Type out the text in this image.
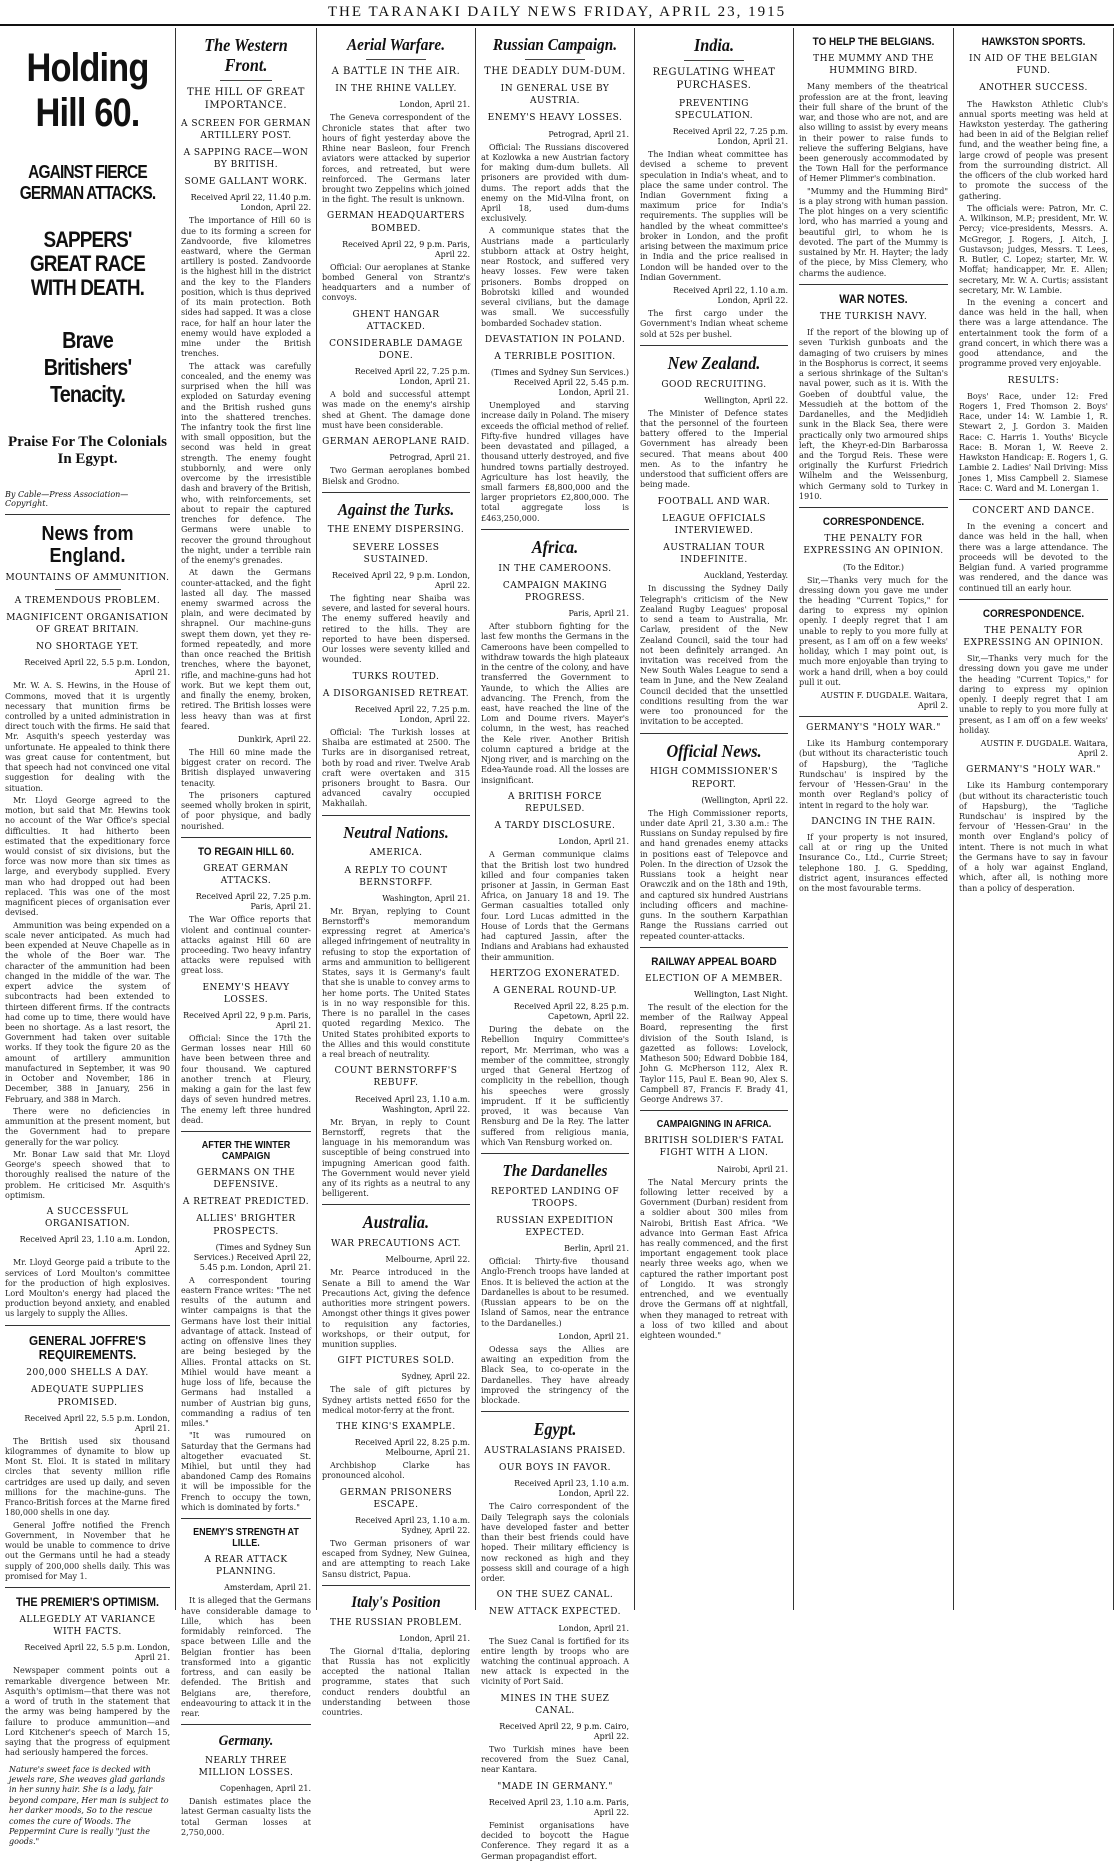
THE TARANAKI DAILY NEWS FRIDAY, APRIL 23, 1915
Holding Hill 60.
AGAINST FIERCE GERMAN ATTACKS.
SAPPERS' GREAT RACE WITH DEATH.
Brave Britishers' Tenacity.
Praise For The Colonials In Egypt.
By Cable—Press Association—Copyright.
News from England.
MOUNTAINS OF AMMUNITION.
A TREMENDOUS PROBLEM.
MAGNIFICENT ORGANISATION OF GREAT BRITAIN.
NO SHORTAGE YET.
Received April 22, 5.5 p.m. London, April 21.

Mr. W. A. S. Hewins, in the House of Commons, moved that it is urgently necessary that munition firms be controlled by a united administration in direct touch with the firms. He said that Mr. Asquith's speech yesterday was unfortunate. He appealed to think there was great cause for contentment, but that speech had not convinced one vital suggestion for dealing with the situation.

Mr. Lloyd George agreed to the motion, but said that Mr. Hewins took no account of the War Office's special difficulties. It had hitherto been estimated that the expeditionary force would consist of six divisions, but the force was now more than six times as large, and everybody supplied. Every man who had dropped out had been replaced. This was one of the most magnificent pieces of organisation ever devised.

Ammunition was being expended on a scale never anticipated. As much had been expended at Neuve Chapelle as in the whole of the Boer war. The character of the ammunition had been changed in the middle of the war. The expert advice the system of subcontracts had been extended to thirteen different firms. If the contracts had come up to time, there would have been no shortage. As a last resort, the Government had taken over suitable works. If they took the figure 20 as the amount of artillery ammunition manufactured in September, it was 90 in October and November, 186 in December, 388 in January, 256 in February, and 388 in March.

There were no deficiencies in ammunition at the present moment, but the Government had to prepare generally for the war policy.

Mr. Bonar Law said that Mr. Lloyd George's speech showed that to thoroughly realised the nature of the problem. He criticised Mr. Asquith's optimism.

A SUCCESSFUL ORGANISATION.
Received April 23, 1.10 a.m. London, April 22.

Mr. Lloyd George paid a tribute to the services of Lord Moulton's committee for the production of high explosives. Lord Moulton's energy had placed the production beyond anxiety, and enabled us largely to supply the Allies.

GENERAL JOFFRE'S REQUIREMENTS.
200,000 SHELLS A DAY.
ADEQUATE SUPPLIES PROMISED.
Received April 22, 5.5 p.m. London, April 21.

The British used six thousand kilogrammes of dynamite to blow up Mont St. Eloi. It is stated in military circles that seventy million rifle cartridges are used up daily, and seven millions for the machine-guns. The Franco-British forces at the Marne fired 180,000 shells in one day.

General Joffre notified the French Government, in November that he would be unable to commence to drive out the Germans until he had a steady supply of 200,000 shells daily. This was promised for May 1.

THE PREMIER'S OPTIMISM.
ALLEGEDLY AT VARIANCE WITH FACTS.
Received April 22, 5.5 p.m. London, April 21.

Newspaper comment points out a remarkable divergence between Mr. Asquith's optimism—that there was not a word of truth in the statement that the army was being hampered by the failure to produce ammunition—and Lord Kitchener's speech of March 15, saying that the progress of equipment had seriously hampered the forces.

Nature's sweet face is decked with jewels rare, She weaves glad garlands in her sunny hair. She is a lady, fair beyond compare, Her man is subject to her darker moods, So to the rescue comes the cure of Woods. The Peppermint Cure is really "just the goods."
The Western Front.
THE HILL OF GREAT IMPORTANCE.
A SCREEN FOR GERMAN ARTILLERY POST.
A SAPPING RACE—WON BY BRITISH.
SOME GALLANT WORK.
Received April 22, 11.40 p.m. London, April 22.

The importance of Hill 60 is due to its forming a screen for Zandvoorde, five kilometres eastward, where the German artillery is posted. Zandvoorde is the highest hill in the district and the key to the Flanders position, which is thus deprived of its main protection. Both sides had sapped. It was a close race, for half an hour later the enemy would have exploded a mine under the British trenches.

The attack was carefully concealed, and the enemy was surprised when the hill was exploded on Saturday evening and the British rushed guns into the shattered trenches. The infantry took the first line with small opposition, but the second was held in great strength. The enemy fought stubbornly, and were only overcome by the irresistible dash and bravery of the British, who, with reinforcements, set about to repair the captured trenches for defence. The Germans were unable to recover the ground throughout the night, under a terrible rain of the enemy's grenades.

At dawn the Germans counter-attacked, and the fight lasted all day. The massed enemy swarmed across the plain, and were decimated by shrapnel. Our machine-guns swept them down, yet they re-formed repeatedly, and more than once reached the British trenches, where the bayonet, rifle, and machine-guns had hot work. But we kept them out, and finally the enemy, broken, retired. The British losses were less heavy than was at first feared.

Dunkirk, April 22.

The Hill 60 mine made the biggest crater on record. The British displayed unwavering tenacity.

The prisoners captured seemed wholly broken in spirit, of poor physique, and badly nourished.

TO REGAIN HILL 60.
GREAT GERMAN ATTACKS.
Received April 22, 7.25 p.m. Paris, April 21.

The War Office reports that violent and continual counter-attacks against Hill 60 are proceeding. Two heavy infantry attacks were repulsed with great loss.

ENEMY'S HEAVY LOSSES.
Received April 22, 9 p.m. Paris, April 21.

Official: Since the 17th the German losses near Hill 60 have been between three and four thousand. We captured another trench at Fleury, making a gain for the last few days of seven hundred metres. The enemy left three hundred dead.

AFTER THE WINTER CAMPAIGN
GERMANS ON THE DEFENSIVE.
A RETREAT PREDICTED.
ALLIES' BRIGHTER PROSPECTS.
(Times and Sydney Sun Services.) Received April 22, 5.45 p.m. London, April 21.

A correspondent touring eastern France writes: "The net results of the autumn and winter campaigns is that the Germans have lost their initial advantage of attack. Instead of acting on offensive lines they are being besieged by the Allies. Frontal attacks on St. Mihiel would have meant a huge loss of life, because the Germans had installed a number of Austrian big guns, commanding a radius of ten miles."

"It was rumoured on Saturday that the Germans had altogether evacuated St. Mihiel, but until they had abandoned Camp des Romains it will be impossible for the French to occupy the town, which is dominated by forts."

ENEMY'S STRENGTH AT LILLE.
A REAR ATTACK PLANNING.
Amsterdam, April 21.

It is alleged that the Germans have considerable damage to Lille, which has been formidably reinforced. The space between Lille and the Belgian frontier has been transformed into a gigantic fortress, and can easily be defended. The British and Belgians are, therefore, endeavouring to attack it in the rear.

Germany.
NEARLY THREE MILLION LOSSES.
Copenhagen, April 21.

Danish estimates place the latest German casualty lists the total German losses at 2,750,000.

Aerial Warfare.
A BATTLE IN THE AIR.
IN THE RHINE VALLEY.
London, April 21.

The Geneva correspondent of the Chronicle states that after two hours of fight yesterday above the Rhine near Basleon, four French aviators were attacked by superior forces, and retreated, but were reinforced. The Germans later brought two Zeppelins which joined in the fight. The result is unknown.

GERMAN HEADQUARTERS BOMBED.
Received April 22, 9 p.m. Paris, April 22.

Official: Our aeroplanes at Stanke bombed General von Strantz's headquarters and a number of convoys.

GHENT HANGAR ATTACKED.
CONSIDERABLE DAMAGE DONE.
Received April 22, 7.25 p.m. London, April 21.

A bold and successful attempt was made on the enemy's airship shed at Ghent. The damage done must have been considerable.

GERMAN AEROPLANE RAID.
Petrograd, April 21.

Two German aeroplanes bombed Bielsk and Grodno.

Against the Turks.
THE ENEMY DISPERSING.
SEVERE LOSSES SUSTAINED.
Received April 22, 9 p.m. London, April 22.

The fighting near Shaiba was severe, and lasted for several hours. The enemy suffered heavily and retired to the hills. They are reported to have been dispersed. Our losses were seventy killed and wounded.

TURKS ROUTED.
A DISORGANISED RETREAT.
Received April 22, 7.25 p.m. London, April 22.

Official: The Turkish losses at Shaiba are estimated at 2500. The Turks are in disorganised retreat, both by road and river. Twelve Arab craft were overtaken and 315 prisoners brought to Basra. Our advanced cavalry occupied Makhailah.

Neutral Nations.
AMERICA.
A REPLY TO COUNT BERNSTORFF.
Washington, April 21.

Mr. Bryan, replying to Count Bernstorff's memorandum expressing regret at America's alleged infringement of neutrality in refusing to stop the exportation of arms and ammunition to belligerent States, says it is Germany's fault that she is unable to convey arms to her home ports. The United States is in no way responsible for this. There is no parallel in the cases quoted regarding Mexico. The United States prohibited exports to the Allies and this would constitute a real breach of neutrality.

COUNT BERNSTORFF'S REBUFF.
Received April 23, 1.10 a.m. Washington, April 22.

Mr. Bryan, in reply to Count Bernstorff, regrets that the language in his memorandum was susceptible of being construed into impugning American good faith. The Government would never yield any of its rights as a neutral to any belligerent.

Australia.
WAR PRECAUTIONS ACT.
Melbourne, April 22.

Mr. Pearce introduced in the Senate a Bill to amend the War Precautions Act, giving the defence authorities more stringent powers. Amongst other things it gives power to requisition any factories, workshops, or their output, for munition supplies.

GIFT PICTURES SOLD.
Sydney, April 22.

The sale of gift pictures by Sydney artists netted £650 for the medical motor-ferry at the front.

THE KING'S EXAMPLE.
Received April 22, 8.25 p.m. Melbourne, April 21.

Archbishop Clarke has pronounced alcohol.

GERMAN PRISONERS ESCAPE.
Received April 23, 1.10 a.m. Sydney, April 22.

Two German prisoners of war escaped from Sydney, New Guinea, and are attempting to reach Lake Sansu district, Papua.

Italy's Position
THE RUSSIAN PROBLEM.
London, April 21.

The Giornal d'Italia, deploring that Russia has not explicitly accepted the national Italian programme, states that such conduct renders doubtful an understanding between those countries.

Russian Campaign.
THE DEADLY DUM-DUM.
IN GENERAL USE BY AUSTRIA.
ENEMY'S HEAVY LOSSES.
Petrograd, April 21.

Official: The Russians discovered at Kozlowka a new Austrian factory for making dum-dum bullets. All prisoners are provided with dum-dums. The report adds that the enemy on the Mid-Vilna front, on April 18, used dum-dums exclusively.

A communique states that the Austrians made a particularly stubborn attack at Ostry height, near Rostock, and suffered very heavy losses. Few were taken prisoners. Bombs dropped on Bobrotski killed and wounded several civilians, but the damage was small. We successfully bombarded Sochadev station.

DEVASTATION IN POLAND.
A TERRIBLE POSITION.
(Times and Sydney Sun Services.) Received April 22, 5.45 p.m. London, April 21.

Unemployed and starving increase daily in Poland. The misery exceeds the official method of relief. Fifty-five hundred villages have been devastated and pillaged, a thousand utterly destroyed, and five hundred towns partially destroyed. Agriculture has lost heavily, the small farmers £8,800,000 and the larger proprietors £2,800,000. The total aggregate loss is £463,250,000.

Africa.
IN THE CAMEROONS.
CAMPAIGN MAKING PROGRESS.
Paris, April 21.

After stubborn fighting for the last few months the Germans in the Cameroons have been compelled to withdraw towards the high plateaux in the centre of the colony, and have transferred the Government to Yaunde, to which the Allies are advancing. The French, from the east, have reached the line of the Lom and Doume rivers. Mayer's column, in the west, has reached the Kele river. Another British column captured a bridge at the Njong river, and is marching on the Edea-Yaunde road. All the losses are insignificant.

A BRITISH FORCE REPULSED.
A TARDY DISCLOSURE.
London, April 21.

A German communique claims that the British lost two hundred killed and four companies taken prisoner at Jassin, in German East Africa, on January 18 and 19. The German casualties totalled only four. Lord Lucas admitted in the House of Lords that the Germans had captured Jassin, after the Indians and Arabians had exhausted their ammunition.

HERTZOG EXONERATED.
A GENERAL ROUND-UP.
Received April 22, 8.25 p.m. Capetown, April 22.

During the debate on the Rebellion Inquiry Committee's report, Mr. Merriman, who was a member of the committee, strongly urged that General Hertzog of complicity in the rebellion, though his speeches were grossly imprudent. If it be sufficiently proved, it was because Van Rensburg and De la Rey. The latter suffered from religious mania, which Van Rensburg worked on.

The Dardanelles
REPORTED LANDING OF TROOPS.
RUSSIAN EXPEDITION EXPECTED.
Berlin, April 21.

Official: Thirty-five thousand Anglo-French troops have landed at Enos. It is believed the action at the Dardanelles is about to be resumed. (Russian appears to be on the Island of Samos, near the entrance to the Dardanelles.)

London, April 21.

Odessa says the Allies are awaiting an expedition from the Black Sea, to co-operate in the Dardanelles. They have already improved the stringency of the blockade.

Egypt.
AUSTRALASIANS PRAISED.
OUR BOYS IN FAVOR.
Received April 23, 1.10 a.m. London, April 22.

The Cairo correspondent of the Daily Telegraph says the colonials have developed faster and better than their best friends could have hoped. Their military efficiency is now reckoned as high and they possess skill and courage of a high order.

ON THE SUEZ CANAL.
NEW ATTACK EXPECTED.
London, April 21.

The Suez Canal is fortified for its entire length by troops who are watching the continual approach. A new attack is expected in the vicinity of Port Said.

MINES IN THE SUEZ CANAL.
Received April 22, 9 p.m. Cairo, April 22.

Two Turkish mines have been recovered from the Suez Canal, near Kantara.

"MADE IN GERMANY."
Received April 23, 1.10 a.m. Paris, April 22.

Feminist organisations have decided to boycott the Hague Conference. They regard it as a German propagandist effort.

India.
REGULATING WHEAT PURCHASES.
PREVENTING SPECULATION.
Received April 22, 7.25 p.m. London, April 21.

The Indian wheat committee has devised a scheme to prevent speculation in India's wheat, and to place the same under control. The Indian Government fixing a maximum price for India's requirements. The supplies will be handled by the wheat committee's broker in London, and the profit arising between the maximum price in India and the price realised in London will be handed over to the Indian Government.

Received April 22, 1.10 a.m. London, April 22.

The first cargo under the Government's Indian wheat scheme sold at 52s per bushel.

New Zealand.
GOOD RECRUITING.
Wellington, April 22.

The Minister of Defence states that the personnel of the fourteen battery offered to the Imperial Government has already been secured. That means about 400 men. As to the infantry he understood that sufficient offers are being made.

FOOTBALL AND WAR.
LEAGUE OFFICIALS INTERVIEWED.
AUSTRALIAN TOUR INDEFINITE.
Auckland, Yesterday.

In discussing the Sydney Daily Telegraph's criticism of the New Zealand Rugby Leagues' proposal to send a team to Australia, Mr. Carlaw, president of the New Zealand Council, said the tour had not been definitely arranged. An invitation was received from the New South Wales League to send a team in June, and the New Zealand Council decided that the unsettled conditions resulting from the war were too pronounced for the invitation to be accepted.

Official News.
HIGH COMMISSIONER'S REPORT.
(Wellington, April 22.

The High Commissioner reports, under date April 21, 3.30 a.m.: The Russians on Sunday repulsed by fire and hand grenades enemy attacks in positions east of Telepovce and Polen. In the direction of Uzsok the Russians took a height near Orawczik and on the 18th and 19th, and captured six hundred Austrians including officers and machine-guns. In the southern Karpathian Range the Russians carried out repeated counter-attacks.

RAILWAY APPEAL BOARD
ELECTION OF A MEMBER.
Wellington, Last Night.

The result of the election for the member of the Railway Appeal Board, representing the first division of the South Island, is gazetted as follows: Lovelock, Matheson 500; Edward Dobbie 184, John G. McPherson 112, Alex R. Taylor 115, Paul E. Bean 90, Alex S. Campbell 87, Francis F. Brady 41, George Andrews 37.

CAMPAIGNING IN AFRICA.
BRITISH SOLDIER'S FATAL FIGHT WITH A LION.
Nairobi, April 21.

The Natal Mercury prints the following letter received by a Government (Durban) resident from a soldier about 300 miles from Nairobi, British East Africa. "We advance into German East Africa has really commenced, and the first important engagement took place nearly three weeks ago, when we captured the rather important post of Longido. It was strongly entrenched, and we eventually drove the Germans off at nightfall, when they managed to retreat with a loss of two killed and about eighteen wounded."

TO HELP THE BELGIANS.
THE MUMMY AND THE HUMMING BIRD.

Many members of the theatrical profession are at the front, leaving their full share of the brunt of the war, and those who are not, and are also willing to assist by every means in their power to raise funds to relieve the suffering Belgians, have been generously accommodated by the Town Hall for the performance of Hemer Plimmer's combination.

"Mummy and the Humming Bird" is a play strong with human passion. The plot hinges on a very scientific lord, who has married a young and beautiful girl, to whom he is devoted. The part of the Mummy is sustained by Mr. H. Hayter; the lady of the piece, by Miss Clemery, who charms the audience.

WAR NOTES.
THE TURKISH NAVY.

If the report of the blowing up of seven Turkish gunboats and the damaging of two cruisers by mines in the Bosphorus is correct, it seems a serious shrinkage of the Sultan's naval power, such as it is. With the Goeben of doubtful value, the Messudieh at the bottom of the Dardanelles, and the Medjidieh sunk in the Black Sea, there were practically only two armoured ships left, the Kheyr-ed-Din Barbarossa and the Torgud Reis. These were originally the Kurfurst Friedrich Wilhelm and the Weissenburg, which Germany sold to Turkey in 1910.

CORRESPONDENCE.
THE PENALTY FOR EXPRESSING AN OPINION.
(To the Editor.)

Sir,—Thanks very much for the dressing down you gave me under the heading "Current Topics," for daring to express my opinion openly. I deeply regret that I am unable to reply to you more fully at present, as I am off on a few weeks' holiday, which I may point out, is much more enjoyable than trying to work a hand drill, when a boy could pull it out.

AUSTIN F. DUGDALE. Waitara, April 2.
GERMANY'S "HOLY WAR."

Like its Hamburg contemporary (but without its characteristic touch of Hapsburg), the 'Tagliche Rundschau' is inspired by the fervour of 'Hessen-Grau' in the month over Regland's policy of intent in regard to the holy war.

DANCING IN THE RAIN.

If your property is not insured, call at or ring up the United Insurance Co., Ltd., Currie Street; telephone 180. J. G. Spedding, district agent, insurances effected on the most favourable terms.

HAWKSTON SPORTS.
IN AID OF THE BELGIAN FUND.
ANOTHER SUCCESS.

The Hawkston Athletic Club's annual sports meeting was held at Hawkston yesterday. The gathering had been in aid of the Belgian relief fund, and the weather being fine, a large crowd of people was present from the surrounding district. All the officers of the club worked hard to promote the success of the gathering.

The officials were: Patron, Mr. C. A. Wilkinson, M.P.; president, Mr. W. Percy; vice-presidents, Messrs. A. McGregor, J. Rogers, J. Aitch, J. Gustavson; judges, Messrs. T. Lees, R. Butler, C. Lopez; starter, Mr. W. Moffat; handicapper, Mr. E. Allen; secretary, Mr. W. A. Curtis; assistant secretary, Mr. W. Lambie.

In the evening a concert and dance was held in the hall, when there was a large attendance. The entertainment took the form of a grand concert, in which there was a good attendance, and the programme proved very enjoyable.

RESULTS:

Boys' Race, under 12: Fred Rogers 1, Fred Thomson 2. Boys' Race, under 14: W. Lambie 1, R. Stewart 2, J. Gordon 3. Maiden Race: C. Harris 1. Youths' Bicycle Race: B. Moran 1, W. Reeve 2. Hawkston Handicap: E. Rogers 1, G. Lambie 2. Ladies' Nail Driving: Miss Jones 1, Miss Campbell 2. Siamese Race: C. Ward and M. Lonergan 1.

CONCERT AND DANCE.

In the evening a concert and dance was held in the hall, when there was a large attendance. The proceeds will be devoted to the Belgian fund. A varied programme was rendered, and the dance was continued till an early hour.

CORRESPONDENCE.
THE PENALTY FOR EXPRESSING AN OPINION.

Sir,—Thanks very much for the dressing down you gave me under the heading "Current Topics," for daring to express my opinion openly. I deeply regret that I am unable to reply to you more fully at present, as I am off on a few weeks' holiday.

AUSTIN F. DUGDALE. Waitara, April 2.
GERMANY'S "HOLY WAR."

Like its Hamburg contemporary (but without its characteristic touch of Hapsburg), the 'Tagliche Rundschau' is inspired by the fervour of 'Hessen-Grau' in the month over England's policy of intent. There is not much in what the Germans have to say in favour of a holy war against England, which, after all, is nothing more than a policy of desperation.
